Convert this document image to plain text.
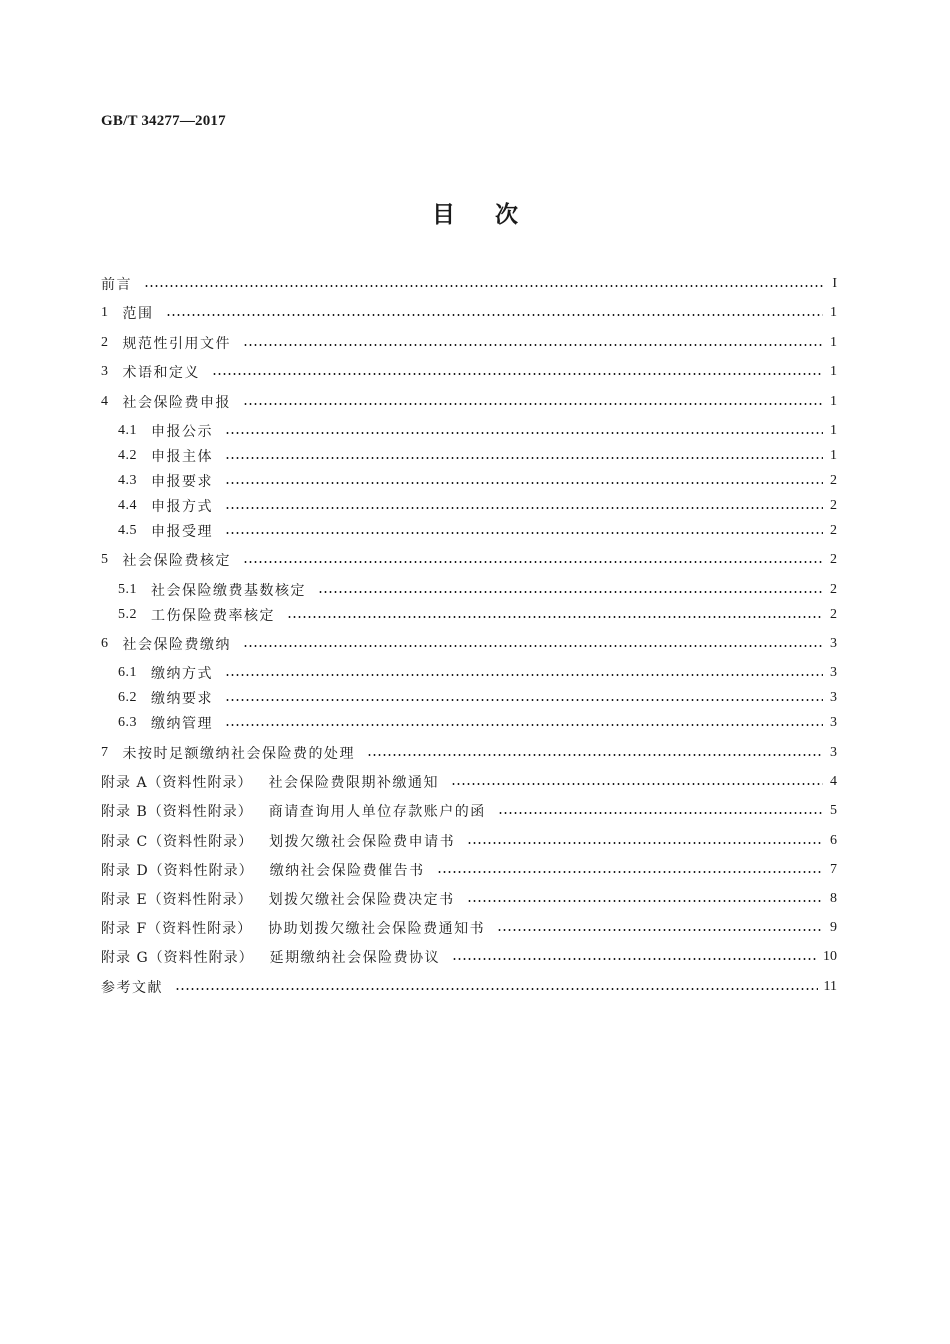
GB/T 34277—2017
目次
前言	I
1 范围	1
2 规范性引用文件	1
3 术语和定义	1
4 社会保险费申报	1
4.1 申报公示	1
4.2 申报主体	1
4.3 申报要求	2
4.4 申报方式	2
4.5 申报受理	2
5 社会保险费核定	2
5.1 社会保险缴费基数核定	2
5.2 工伤保险费率核定	2
6 社会保险费缴纳	3
6.1 缴纳方式	3
6.2 缴纳要求	3
6.3 缴纳管理	3
7 未按时足额缴纳社会保险费的处理	3
附录 A（资料性附录） 社会保险费限期补缴通知	4
附录 B（资料性附录） 商请查询用人单位存款账户的函	5
附录 C（资料性附录） 划拨欠缴社会保险费申请书	6
附录 D（资料性附录） 缴纳社会保险费催告书	7
附录 E（资料性附录） 划拨欠缴社会保险费决定书	8
附录 F（资料性附录） 协助划拨欠缴社会保险费通知书	9
附录 G（资料性附录） 延期缴纳社会保险费协议	10
参考文献	11
